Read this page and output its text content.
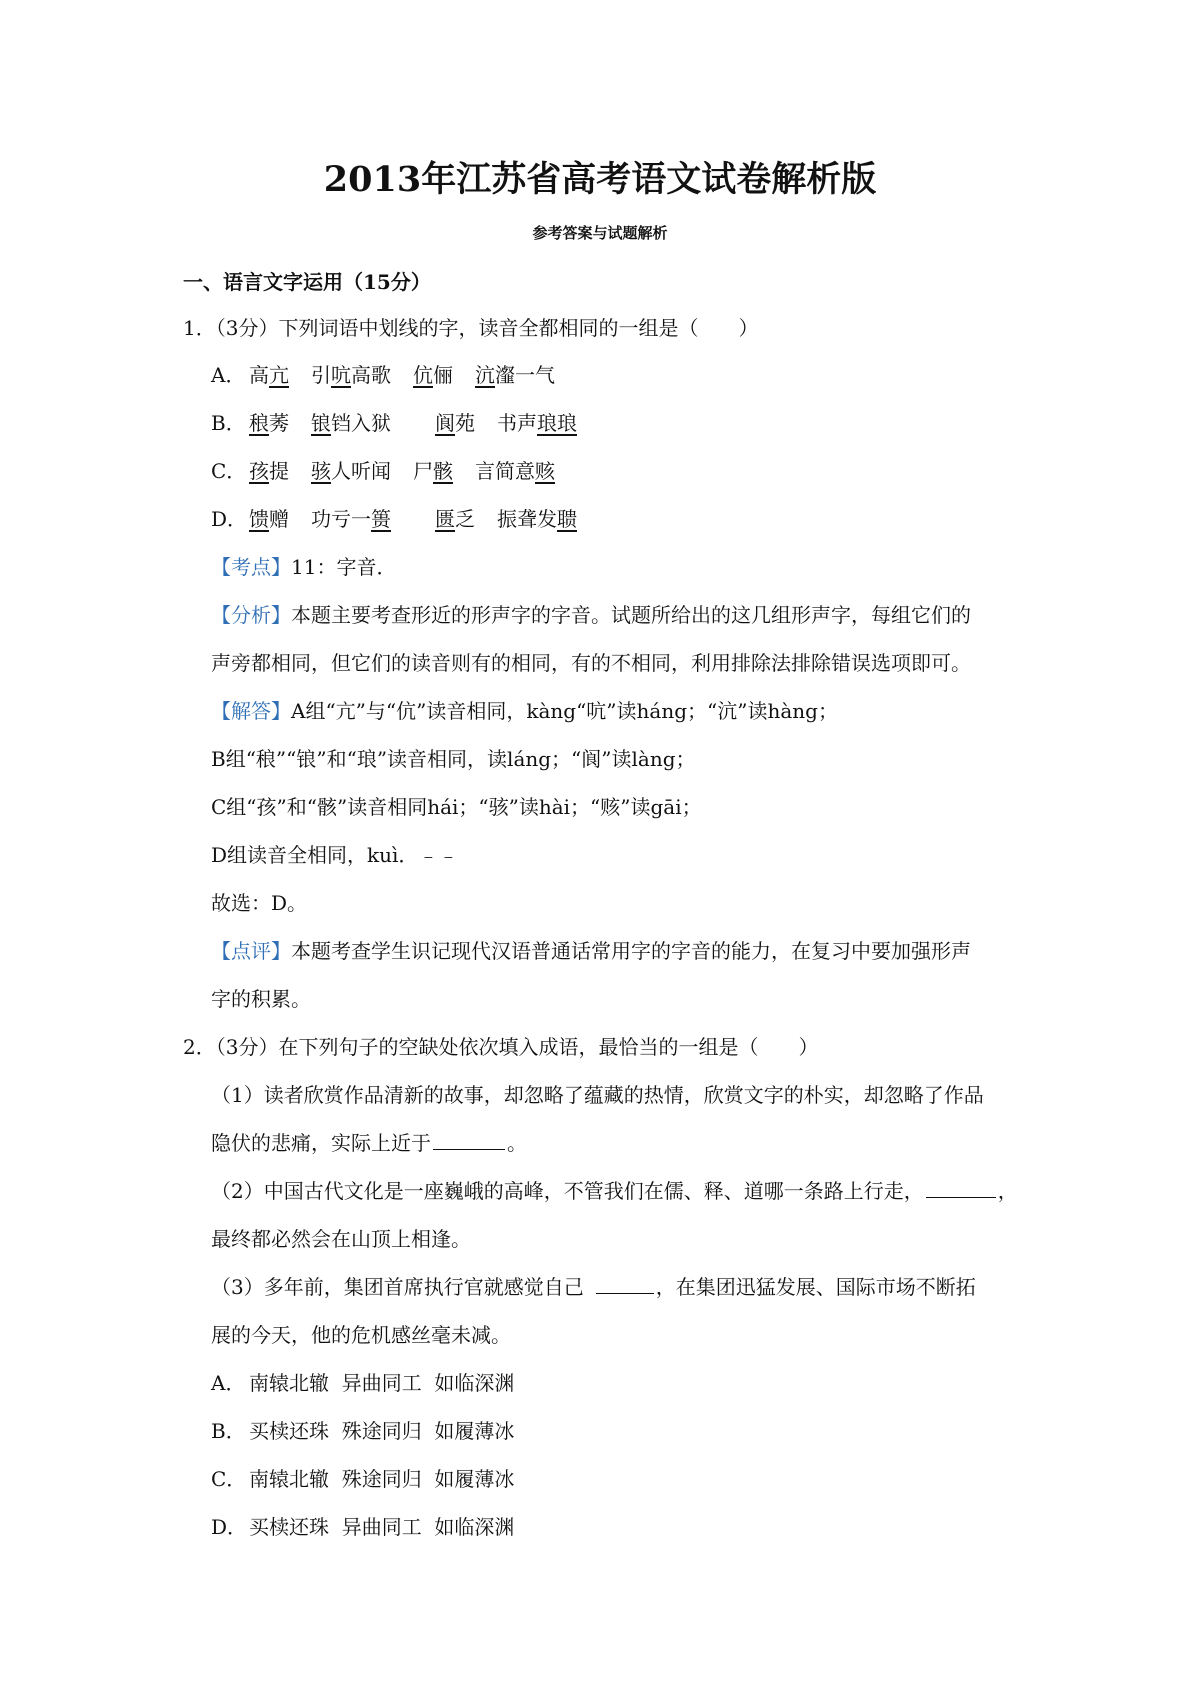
2013年江苏省高考语文试卷解析版
参考答案与试题解析
一、语言文字运用（15分）
1．（3分）下列词语中划线的字，读音全都相同的一组是（　　）
A． 高亢 引吭高歌 伉俪 沆瀣一气
B． 稂莠 锒铛入狱 阆苑 书声琅琅
C． 孩提 骇人听闻 尸骸 言简意赅
D．馈赠 功亏一篑 匮乏 振聋发聩
【考点】11：字音．
【分析】本题主要考查形近的形声字的字音。试题所给出的这几组形声字，每组它们的
声旁都相同，但它们的读音则有的相同，有的不相同，利用排除法排除错误选项即可。
【解答】A组“亢”与“伉”读音相同，kàng“吭”读háng；“沆”读hàng；
B组“稂”“锒”和“琅”读音相同，读láng；“阆”读làng；
C组“孩”和“骸”读音相同hái；“骇”读hài；“赅”读gāi；
D组读音全相同，kuì．﹣﹣
故选：D。
【点评】本题考查学生识记现代汉语普通话常用字的字音的能力，在复习中要加强形声
字的积累。
2．（3分）在下列句子的空缺处依次填入成语，最恰当的一组是（　　）
（1）读者欣赏作品清新的故事，却忽略了蕴藏的热情，欣赏文字的朴实，却忽略了作品
隐伏的悲痛，实际上近于	。
（2）中国古代文化是一座巍峨的高峰，不管我们在儒、释、道哪一条路上行走，	，
最终都必然会在山顶上相逢。
（3）多年前，集团首席执行官就感觉自己	，在集团迅猛发展、国际市场不断拓
展的今天，他的危机感丝毫未减。
A． 南辕北辙  异曲同工  如临深渊
B． 买椟还珠  殊途同归  如履薄冰
C． 南辕北辙  殊途同归  如履薄冰
D．买椟还珠  异曲同工  如临深渊
